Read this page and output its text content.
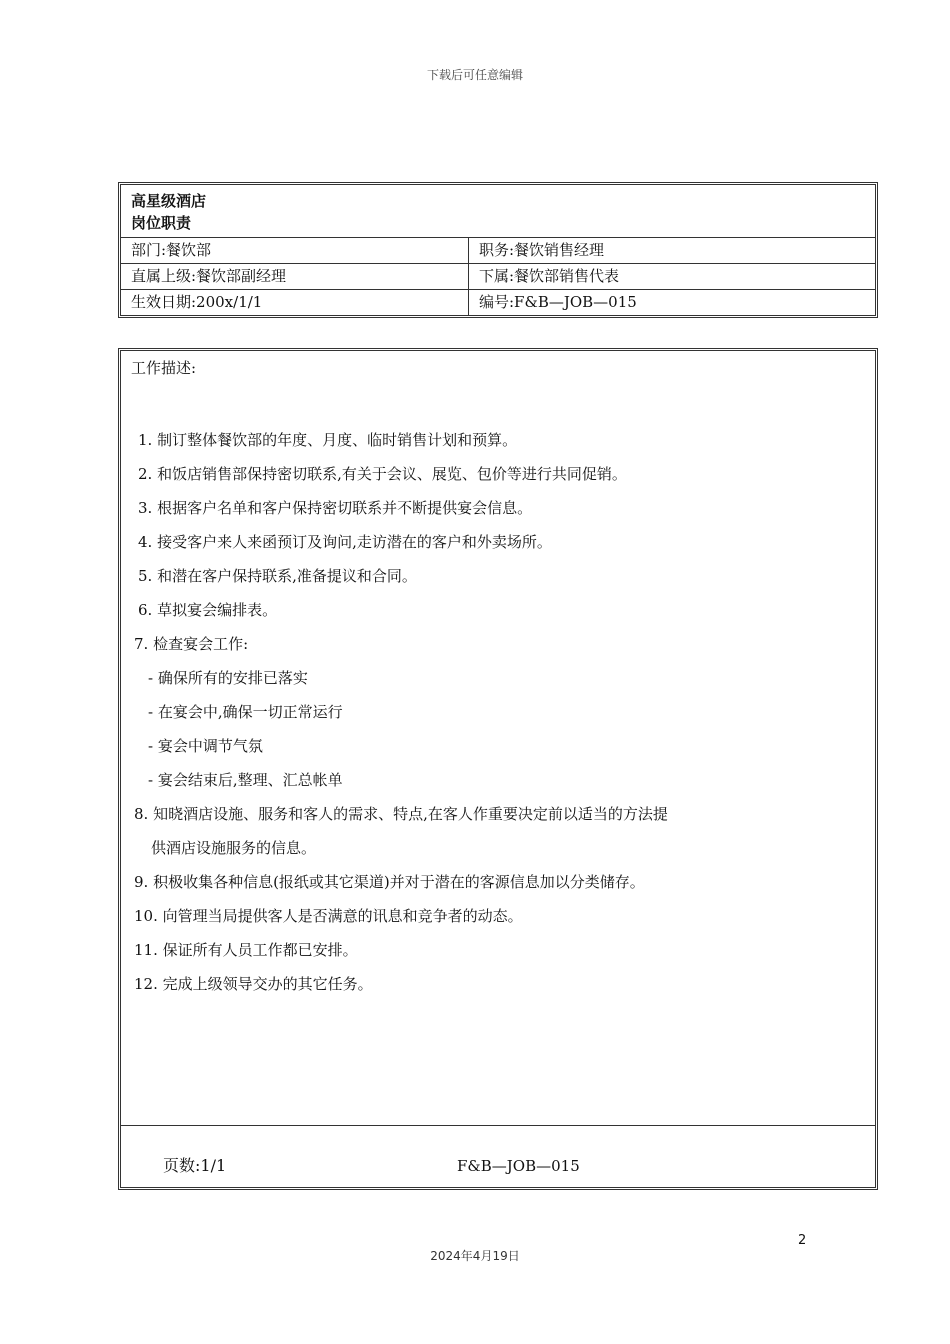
下载后可任意编辑
高星级酒店
岗位职责
部门:餐饮部	职务:餐饮销售经理
直属上级:餐饮部副经理	下属:餐饮部销售代表
生效日期:200x/1/1	编号:F&B—JOB—015
工作描述:
1. 制订整体餐饮部的年度、月度、临时销售计划和预算。
2. 和饭店销售部保持密切联系,有关于会议、展览、包价等进行共同促销。
3. 根据客户名单和客户保持密切联系并不断提供宴会信息。
4. 接受客户来人来函预订及询问,走访潜在的客户和外卖场所。
5. 和潜在客户保持联系,准备提议和合同。
6. 草拟宴会编排表。
7. 检查宴会工作:
- 确保所有的安排已落实
- 在宴会中,确保一切正常运行
- 宴会中调节气氛
- 宴会结束后,整理、汇总帐单
8. 知晓酒店设施、服务和客人的需求、特点,在客人作重要决定前以适当的方法提
供酒店设施服务的信息。
9. 积极收集各种信息(报纸或其它渠道)并对于潜在的客源信息加以分类储存。
10. 向管理当局提供客人是否满意的讯息和竞争者的动态。
11. 保证所有人员工作都已安排。
12. 完成上级领导交办的其它任务。
页数:1/1	F&B—JOB—015
2
2024年4月19日
